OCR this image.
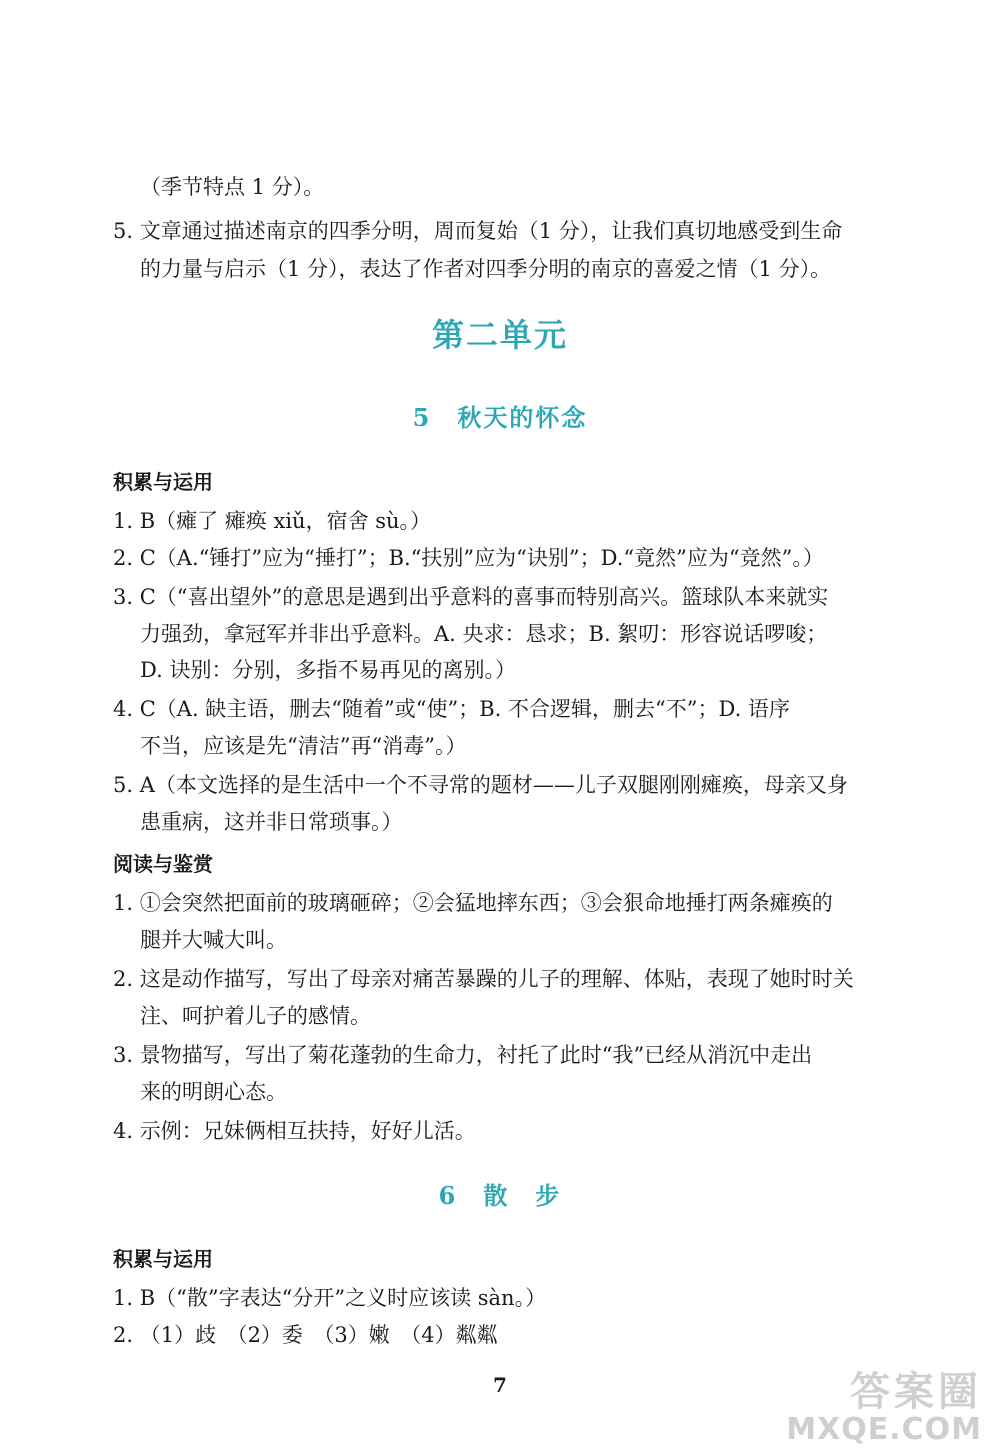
（季节特点 1 分）。
5. 文章通过描述南京的四季分明，周而复始（1 分），让我们真切地感受到生命
的力量与启示（1 分），表达了作者对四季分明的南京的喜爱之情（1 分）。
第二单元
5　秋天的怀念
积累与运用
1. B（瘫了 瘫痪 xiǔ，宿舍 sù。）
2. C（A.“锤打”应为“捶打”；B.“扶别”应为“诀别”；D.“竟然”应为“竞然”。）
3. C（“喜出望外”的意思是遇到出乎意料的喜事而特别高兴。篮球队本来就实
力强劲，拿冠军并非出乎意料。A. 央求：恳求；B. 絮叨：形容说话啰唆；
D. 诀别：分别，多指不易再见的离别。）
4. C（A. 缺主语，删去“随着”或“使”；B. 不合逻辑，删去“不”；D. 语序
不当，应该是先“清洁”再“消毒”。）
5. A（本文选择的是生活中一个不寻常的题材——儿子双腿刚刚瘫痪，母亲又身
患重病，这并非日常琐事。）
阅读与鉴赏
1. ①会突然把面前的玻璃砸碎；②会猛地摔东西；③会狠命地捶打两条瘫痪的
腿并大喊大叫。
2. 这是动作描写，写出了母亲对痛苦暴躁的儿子的理解、体贴，表现了她时时关
注、呵护着儿子的感情。
3. 景物描写，写出了菊花蓬勃的生命力，衬托了此时“我”已经从消沉中走出
来的明朗心态。
4. 示例：兄妹俩相互扶持，好好儿活。
6　散　步
积累与运用
1. B（“散”字表达“分开”之义时应该读 sàn。）
2. （1）歧　（2）委　（3）嫩　（4）粼粼
7	答案圈
MXQE.COM
